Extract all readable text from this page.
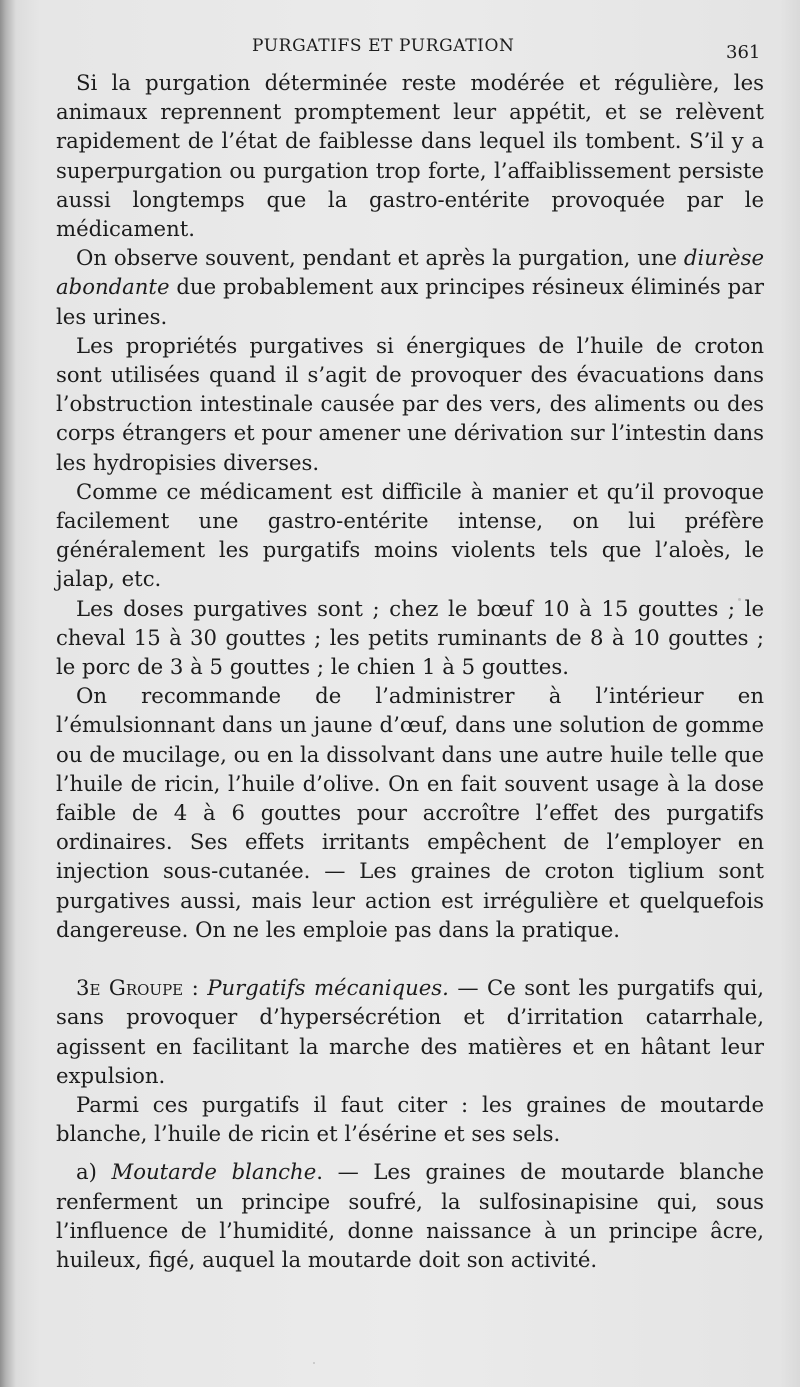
PURGATIFS ET PURGATION	361

Si la purgation déterminée reste modérée et régulière, les animaux reprennent promptement leur appétit, et se relèvent rapidement de l’état de faiblesse dans lequel ils tombent. S’il y a superpurgation ou purgation trop forte, l’affaiblissement persiste aussi longtemps que la gastro-entérite provoquée par le médicament.

On observe souvent, pendant et après la purgation, une diurèse abondante due probablement aux principes résineux éliminés par les urines.

Les propriétés purgatives si énergiques de l’huile de croton sont utilisées quand il s’agit de provoquer des évacuations dans l’obstruction intestinale causée par des vers, des aliments ou des corps étrangers et pour amener une dérivation sur l’intestin dans les hydropisies diverses.

Comme ce médicament est difficile à manier et qu’il provoque facilement une gastro-entérite intense, on lui préfère généralement les purgatifs moins violents tels que l’aloès, le jalap, etc.

Les doses purgatives sont ; chez le bœuf 10 à 15 gouttes ; le cheval 15 à 30 gouttes ; les petits ruminants de 8 à 10 gouttes ; le porc de 3 à 5 gouttes ; le chien 1 à 5 gouttes.

On recommande de l’administrer à l’intérieur en l’émulsionnant dans un jaune d’œuf, dans une solution de gomme ou de mucilage, ou en la dissolvant dans une autre huile telle que l’huile de ricin, l’huile d’olive. On en fait souvent usage à la dose faible de 4 à 6 gouttes pour accroître l’effet des purgatifs ordinaires. Ses effets irritants empêchent de l’employer en injection sous-cutanée. — Les graines de croton tiglium sont purgatives aussi, mais leur action est irrégulière et quelquefois dangereuse. On ne les emploie pas dans la pratique.

3e Groupe : Purgatifs mécaniques. — Ce sont les purgatifs qui, sans provoquer d’hypersécrétion et d’irritation catarrhale, agissent en facilitant la marche des matières et en hâtant leur expulsion.

Parmi ces purgatifs il faut citer : les graines de moutarde blanche, l’huile de ricin et l’ésérine et ses sels.

a) Moutarde blanche. — Les graines de moutarde blanche renferment un principe soufré, la sulfosinapisine qui, sous l’influence de l’humidité, donne naissance à un principe âcre, huileux, figé, auquel la moutarde doit son activité.
